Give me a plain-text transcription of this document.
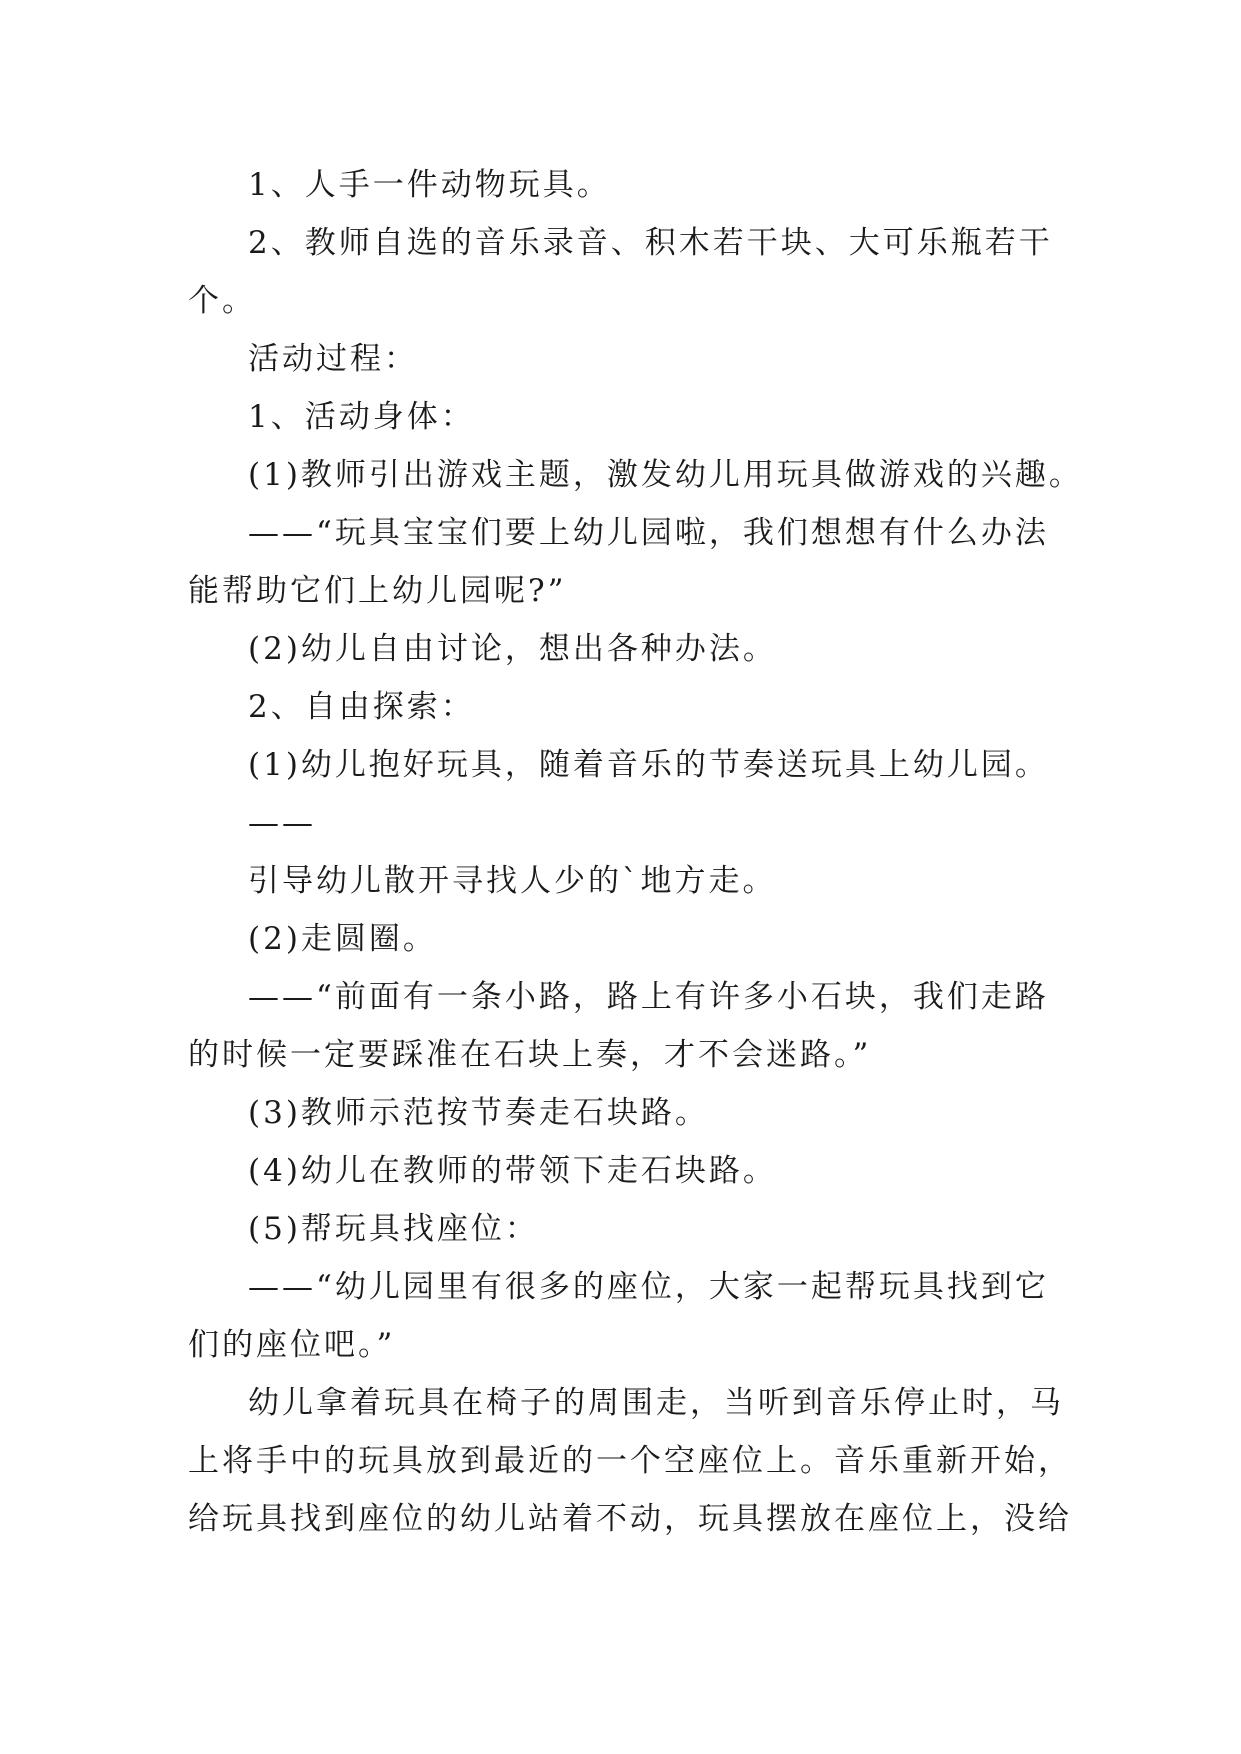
1、人手一件动物玩具。
2、教师自选的音乐录音、积木若干块、大可乐瓶若干
个。
活动过程：
1、活动身体：
(1)教师引出游戏主题，激发幼儿用玩具做游戏的兴趣。
——“玩具宝宝们要上幼儿园啦，我们想想有什么办法
能帮助它们上幼儿园呢?”
(2)幼儿自由讨论，想出各种办法。
2、自由探索：
(1)幼儿抱好玩具，随着音乐的节奏送玩具上幼儿园。
——
引导幼儿散开寻找人少的`地方走。
(2)走圆圈。
——“前面有一条小路，路上有许多小石块，我们走路
的时候一定要踩准在石块上奏，才不会迷路。”
(3)教师示范按节奏走石块路。
(4)幼儿在教师的带领下走石块路。
(5)帮玩具找座位：
——“幼儿园里有很多的座位，大家一起帮玩具找到它
们的座位吧。”
幼儿拿着玩具在椅子的周围走，当听到音乐停止时，马
上将手中的玩具放到最近的一个空座位上。音乐重新开始，
给玩具找到座位的幼儿站着不动，玩具摆放在座位上，没给
